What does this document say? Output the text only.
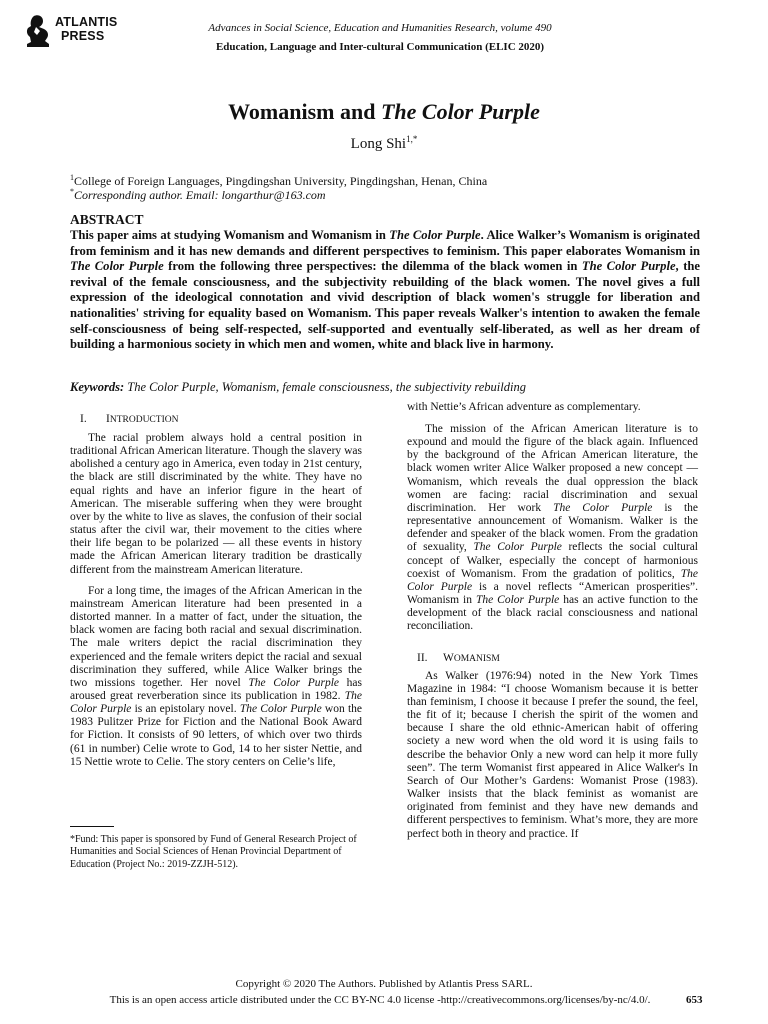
ATLANTIS
PRESS
Advances in Social Science, Education and Humanities Research, volume 490
Education, Language and Inter-cultural Communication (ELIC 2020)
Womanism and The Color Purple
Long Shi$^{1,*}$
$^1$College of Foreign Languages, Pingdingshan University, Pingdingshan, Henan, China
*Corresponding author. Email: longarthur@163.com
ABSTRACT
This paper aims at studying Womanism and Womanism in The Color Purple. Alice Walker’s Womanism is originated from feminism and it has new demands and different perspectives to feminism. This paper elaborates Womanism in The Color Purple from the following three perspectives: the dilemma of the black women in The Color Purple, the revival of the female consciousness, and the subjectivity rebuilding of the black women. The novel gives a full expression of the ideological connotation and vivid description of black women's struggle for liberation and nationalities' striving for equality based on Womanism. This paper reveals Walker's intention to awaken the female self-consciousness of being self-respected, self-supported and eventually self-liberated, as well as her dream of building a harmonious society in which men and women, white and black live in harmony.
Keywords: The Color Purple, Womanism, female consciousness, the subjectivity rebuilding
I. INTRODUCTION

The racial problem always hold a central position in traditional African American literature. Though the slavery was abolished a century ago in America, even today in 21st century, the black are still discriminated by the white. They have no equal rights and have an inferior figure in the heart of American. The miserable suffering when they were brought over by the white to live as slaves, the confusion of their social status after the civil war, their movement to the cities where their life began to be polarized — all these events in history made the African American literary tradition be drastically different from the mainstream American literature.

For a long time, the images of the African American in the mainstream American literature had been presented in a distorted manner. In a matter of fact, under the situation, the black women are facing both racial and sexual discrimination. The male writers depict the racial discrimination they experienced and the female writers depict the racial and sexual discrimination they suffered, while Alice Walker brings the two missions together. Her novel The Color Purple has aroused great reverberation since its publication in 1982. The Color Purple is an epistolary novel. The Color Purple won the 1983 Pulitzer Prize for Fiction and the National Book Award for Fiction. It consists of 90 letters, of which over two thirds (61 in number) Celie wrote to God, 14 to her sister Nettie, and 15 Nettie wrote to Celie. The story centers on Celie’s life,

*Fund: This paper is sponsored by Fund of General Research Project of Humanities and Social Sciences of Henan Provincial Department of Education (Project No.: 2019-ZZJH-512).
with Nettie’s African adventure as complementary.

The mission of the African American literature is to expound and mould the figure of the black again. Influenced by the background of the African American literature, the black women writer Alice Walker proposed a new concept — Womanism, which reveals the dual oppression the black women are facing: racial discrimination and sexual discrimination. Her work The Color Purple is the representative announcement of Womanism. Walker is the defender and speaker of the black women. From the gradation of sexuality, The Color Purple reflects the social cultural concept of Walker, especially the concept of harmonious coexist of Womanism. From the gradation of politics, The Color Purple is a novel reflects “American prosperities”. Womanism in The Color Purple has an active function to the development of the black racial consciousness and national reconciliation.

II. WOMANISM

As Walker (1976:94) noted in the New York Times Magazine in 1984: “I choose Womanism because it is better than feminism, I choose it because I prefer the sound, the feel, the fit of it; because I cherish the spirit of the women and because I share the old ethnic-American habit of offering society a new word when the old word it is using fails to describe the behavior Only a new word can help it more fully seen”. The term Womanist first appeared in Alice Walker's In Search of Our Mother’s Gardens: Womanist Prose (1983). Walker insists that the black feminist as womanist are originated from feminist and they have new demands and different perspectives to feminism. What’s more, they are more perfect both in theory and practice. If

Copyright © 2020 The Authors. Published by Atlantis Press SARL.
This is an open access article distributed under the CC BY-NC 4.0 license -http://creativecommons.org/licenses/by-nc/4.0/.	653
